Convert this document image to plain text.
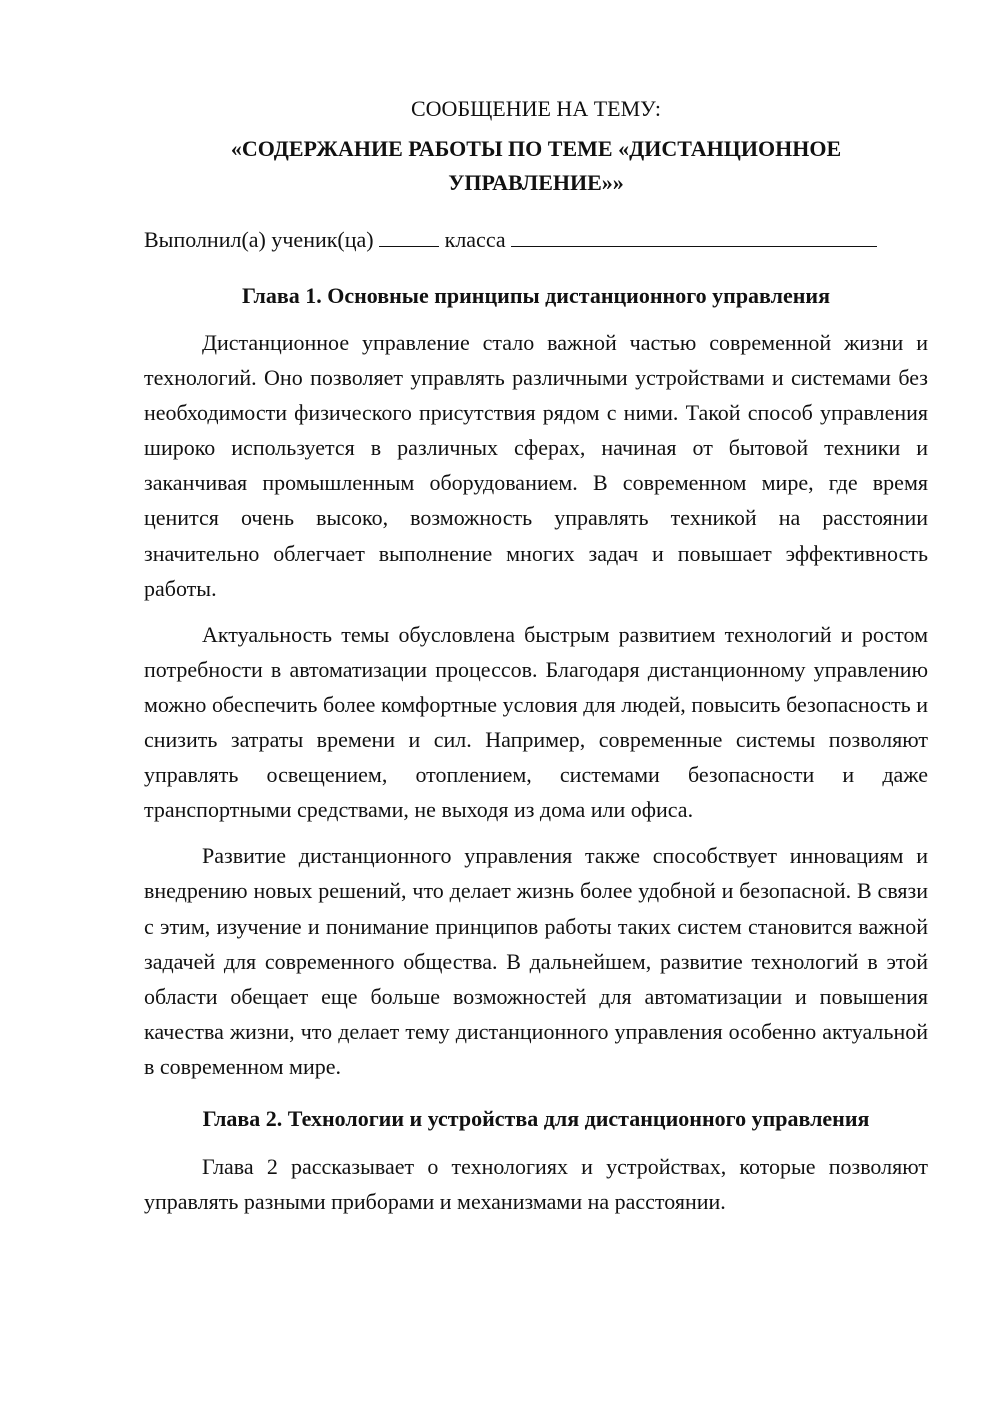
СООБЩЕНИЕ НА ТЕМУ:

«СОДЕРЖАНИЕ РАБОТЫ ПО ТЕМЕ «ДИСТАНЦИОННОЕ УПРАВЛЕНИЕ»»

Выполнил(а) ученик(ца)	класса

Глава 1. Основные принципы дистанционного управления

Дистанционное управление стало важной частью современной жизни и технологий. Оно позволяет управлять различными устройствами и системами без необходимости физического присутствия рядом с ними. Такой способ управления широко используется в различных сферах, начиная от бытовой техники и заканчивая промышленным оборудованием. В современном мире, где время ценится очень высоко, возможность управлять техникой на расстоянии значительно облегчает выполнение многих задач и повышает эффективность работы.

Актуальность темы обусловлена быстрым развитием технологий и ростом потребности в автоматизации процессов. Благодаря дистанционному управлению можно обеспечить более комфортные условия для людей, повысить безопасность и снизить затраты времени и сил. Например, современные системы позволяют управлять освещением, отоплением, системами безопасности и даже транспортными средствами, не выходя из дома или офиса.

Развитие дистанционного управления также способствует инновациям и внедрению новых решений, что делает жизнь более удобной и безопасной. В связи с этим, изучение и понимание принципов работы таких систем становится важной задачей для современного общества. В дальнейшем, развитие технологий в этой области обещает еще больше возможностей для автоматизации и повышения качества жизни, что делает тему дистанционного управления особенно актуальной в современном мире.

Глава 2. Технологии и устройства для дистанционного управления

Глава 2 рассказывает о технологиях и устройствах, которые позволяют управлять разными приборами и механизмами на расстоянии.
